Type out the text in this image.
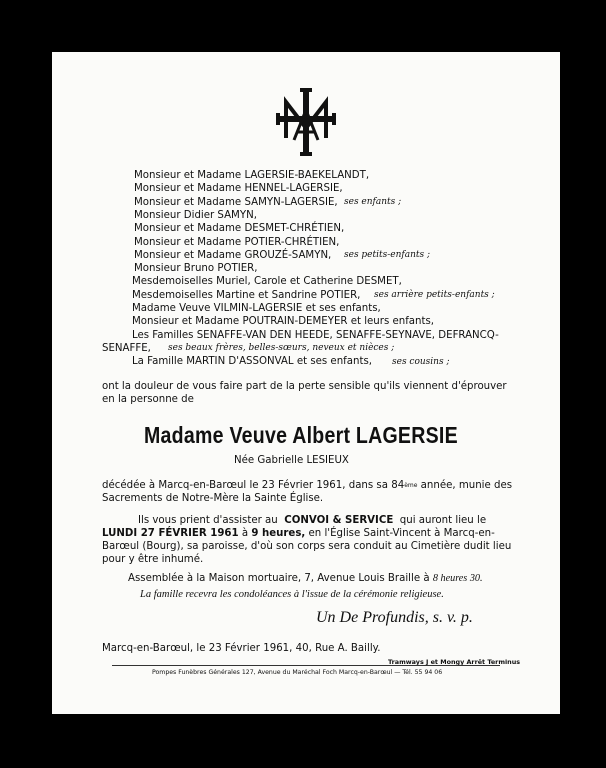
Monsieur et Madame LAGERSIE-BAEKELANDT,
Monsieur et Madame HENNEL-LAGERSIE,
Monsieur et Madame SAMYN-LAGERSIE, ses enfants ;
Monsieur Didier SAMYN,
Monsieur et Madame DESMET-CHRÉTIEN,
Monsieur et Madame POTIER-CHRÉTIEN,
Monsieur et Madame GROUZÉ-SAMYN, ses petits-enfants ;
Monsieur Bruno POTIER,
Mesdemoiselles Muriel, Carole et Catherine DESMET,
Mesdemoiselles Martine et Sandrine POTIER, ses arrière petits-enfants ;
Madame Veuve VILMIN-LAGERSIE et ses enfants,
Monsieur et Madame POUTRAIN-DEMEYER et leurs enfants,
Les Familles SENAFFE-VAN DEN HEEDE, SENAFFE-SEYNAVE, DEFRANCQ-
SENAFFE, ses beaux frères, belles-sœurs, neveux et nièces ;
La Famille MARTIN D'ASSONVAL et ses enfants, ses cousins ;
ont la douleur de vous faire part de la perte sensible qu'ils viennent d'éprouver
en la personne de
Madame Veuve Albert LAGERSIE
Née Gabrielle LESIEUX
décédée à Marcq-en-Barœul le 23 Février 1961, dans sa 84ème année, munie des
Sacrements de Notre-Mère la Sainte Église.
Ils vous prient d'assister au CONVOI & SERVICE qui auront lieu le
LUNDI 27 FÉVRIER 1961 à 9 heures, en l'Église Saint-Vincent à Marcq-en-
Barœul (Bourg), sa paroisse, d'où son corps sera conduit au Cimetière dudit lieu
pour y être inhumé.
Assemblée à la Maison mortuaire, 7, Avenue Louis Braille à 8 heures 30.
La famille recevra les condoléances à l'issue de la cérémonie religieuse.
Un De Profundis, s. v. p.
Marcq-en-Barœul, le 23 Février 1961, 40, Rue A. Bailly.
Tramways J et Mongy Arrêt Terminus
Pompes Funèbres Générales 127, Avenue du Maréchal Foch Marcq-en-Barœul — Tél. 55 94 06
